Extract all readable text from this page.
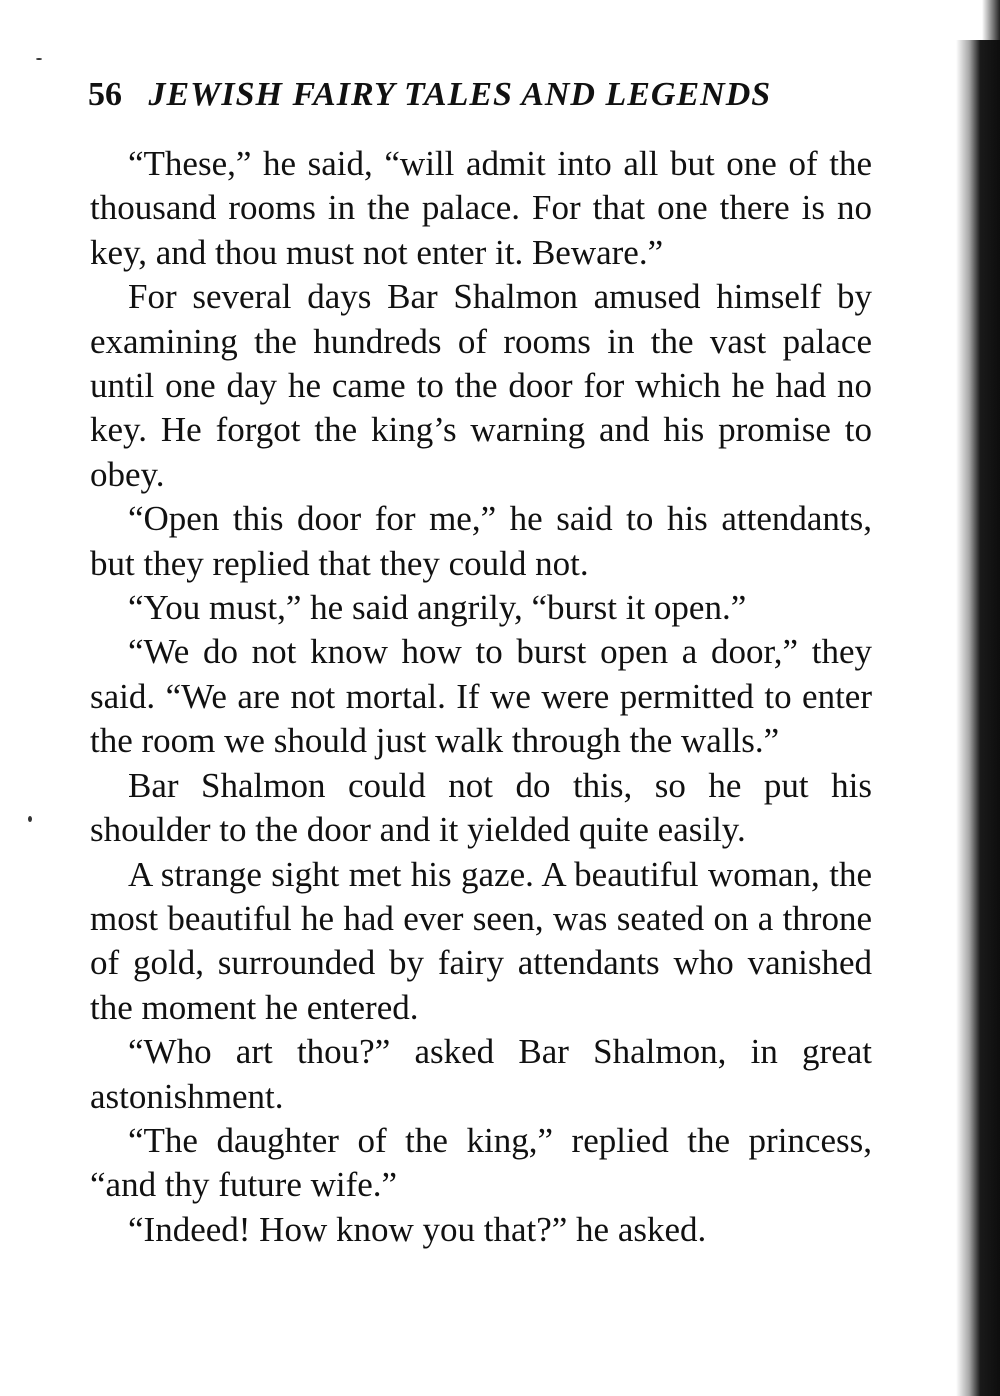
56 JEWISH FAIRY TALES AND LEGENDS

“These,” he said, “will admit into all but one of the thousand rooms in the palace. For that one there is no key, and thou must not enter it. Beware.”

For several days Bar Shalmon amused himself by examining the hundreds of rooms in the vast palace until one day he came to the door for which he had no key. He forgot the king’s warning and his promise to obey.

“Open this door for me,” he said to his attendants, but they replied that they could not.

“You must,” he said angrily, “burst it open.”

“We do not know how to burst open a door,” they said. “We are not mortal. If we were permitted to enter the room we should just walk through the walls.”

Bar Shalmon could not do this, so he put his shoulder to the door and it yielded quite easily.

A strange sight met his gaze. A beautiful woman, the most beautiful he had ever seen, was seated on a throne of gold, surrounded by fairy attendants who vanished the moment he entered.

“Who art thou?” asked Bar Shalmon, in great astonishment.

“The daughter of the king,” replied the princess, “and thy future wife.”

“Indeed! How know you that?” he asked.
